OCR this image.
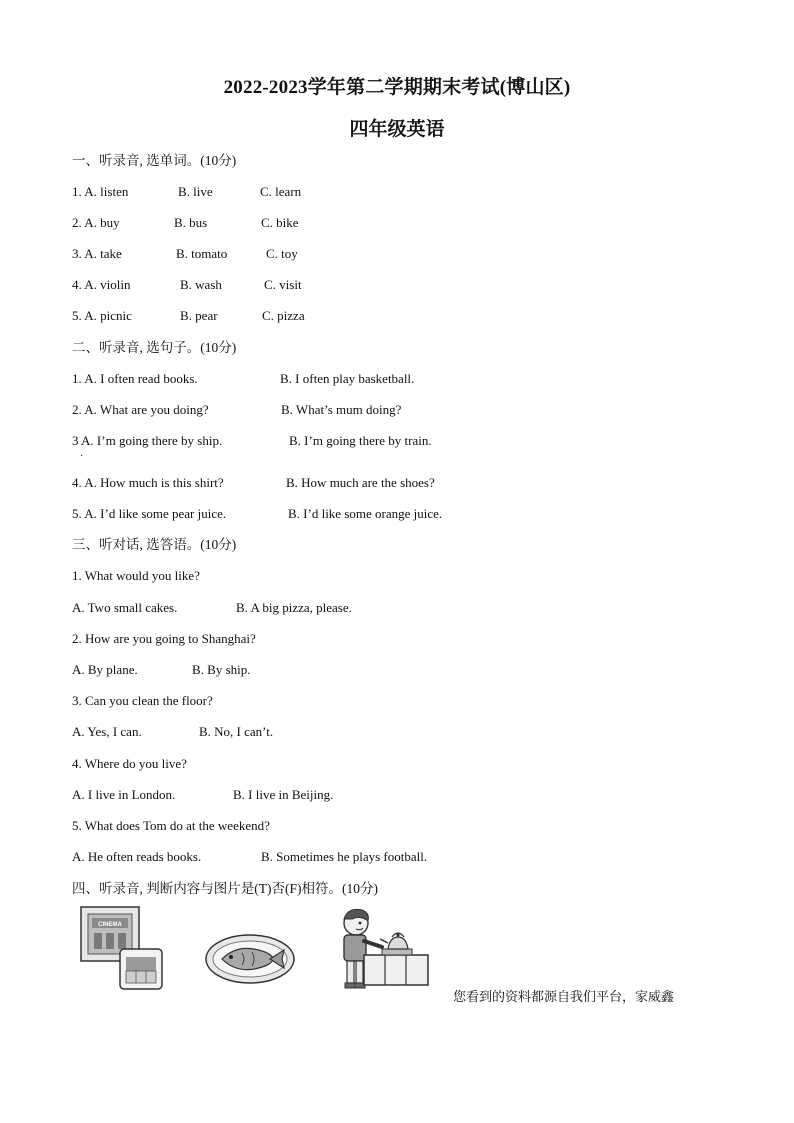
2022-2023学年第二学期期末考试(博山区)
四年级英语
一、听录音, 选单词。(10分)
1. A. listen	B. live	C. learn
2. A. buy	B. bus	C. bike
3. A. take	B. tomato	C. toy
4. A. violin	B. wash	C. visit
5. A. picnic	B. pear	C. pizza
二、听录音, 选句子。(10分)
1. A. I often read books.	B. I often play basketball.
2. A. What are you doing?	B. What’s mum doing?
3 A. I’m going there by ship.	B. I’m going there by train.
·
4. A. How much is this shirt?	B. How much are the shoes?
5. A. I’d like some pear juice.	B. I’d like some orange juice.
三、听对话, 选答语。(10分)
1. What would you like?
A. Two small cakes.	B. A big pizza, please.
2. How are you going to Shanghai?
A. By plane.	B. By ship.
3. Can you clean the floor?
A. Yes, I can.	B. No, I can’t.
4. Where do you live?
A. I live in London.	B. I live in Beijing.
5. What does Tom do at the weekend?
A. He often reads books.	B. Sometimes he plays football.
四、听录音, 判断内容与图片是(T)否(F)相符。(10分)
CINEMA
您看到的资料都源自我们平台，家威鑫
